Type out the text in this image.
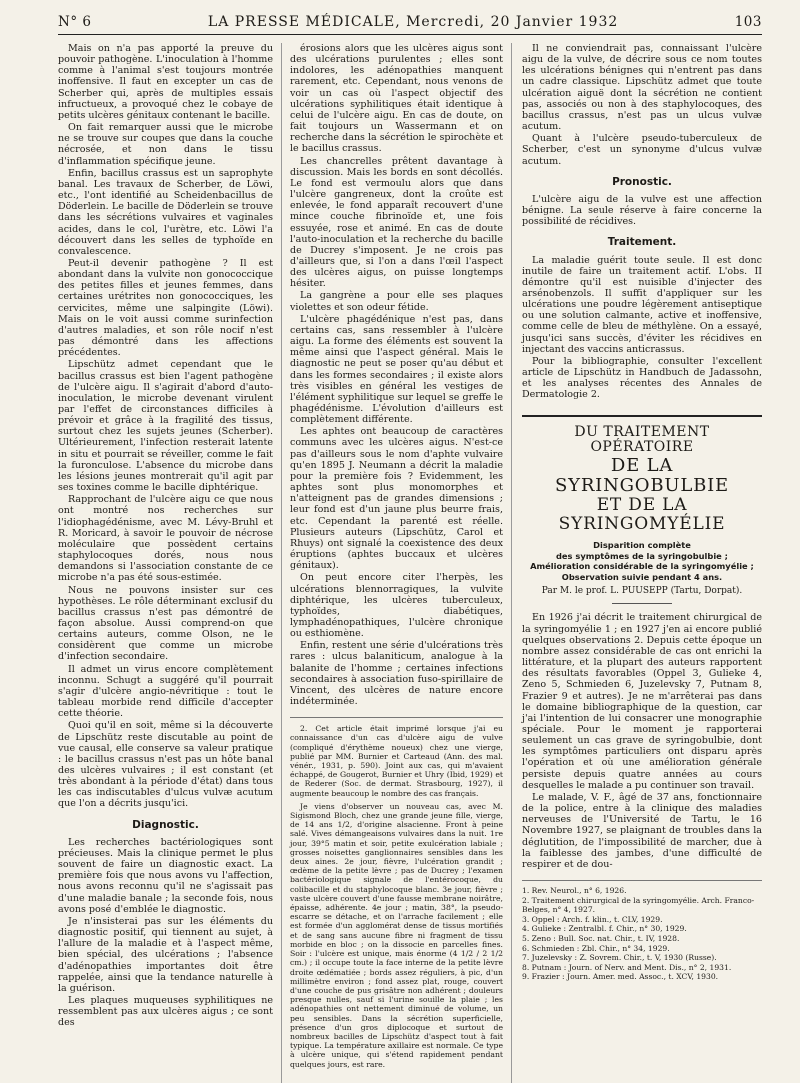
N° 6	LA PRESSE MÉDICALE, Mercredi, 20 Janvier 1932	103

Mais on n'a pas apporté la preuve du pouvoir pathogène. L'inoculation à l'homme comme à l'animal s'est toujours montrée inoffensive. Il faut en excepter un cas de Scherber qui, après de multiples essais infructueux, a provoqué chez le cobaye de petits ulcères génitaux contenant le bacille.

On fait remarquer aussi que le microbe ne se trouve sur coupes que dans la couche nécrosée, et non dans le tissu d'inflammation spécifique jeune.

Enfin, bacillus crassus est un saprophyte banal. Les travaux de Scherber, de Löwi, etc., l'ont identifié au Scheidenbacillus de Döderlein. Le bacille de Döderlein se trouve dans les sécrétions vulvaires et vaginales acides, dans le col, l'urètre, etc. Löwi l'a découvert dans les selles de typhoïde en convalescence.

Peut-il devenir pathogène ? Il est abondant dans la vulvite non gonococcique des petites filles et jeunes femmes, dans certaines urétrites non gonococciques, les cervicites, même une salpingite (Löwi). Mais on le voit aussi comme surinfection d'autres maladies, et son rôle nocif n'est pas démontré dans les affections précédentes.

Lipschütz admet cependant que le bacillus crassus est bien l'agent pathogène de l'ulcère aigu. Il s'agirait d'abord d'auto-inoculation, le microbe devenant virulent par l'effet de circonstances difficiles à prévoir et grâce à la fragilité des tissus, surtout chez les sujets jeunes (Scherber). Ultérieurement, l'infection resterait latente in situ et pourrait se réveiller, comme le fait la furonculose. L'absence du microbe dans les lésions jeunes montrerait qu'il agit par ses toxines comme le bacille diphtérique.

Rapprochant de l'ulcère aigu ce que nous ont montré nos recherches sur l'idiophagédénisme, avec M. Lévy-Bruhl et R. Moricard, à savoir le pouvoir de nécrose moléculaire que possèdent certains staphylocoques dorés, nous nous demandons si l'association constante de ce microbe n'a pas été sous-estimée.

Nous ne pouvons insister sur ces hypothèses. Le rôle déterminant exclusif du bacillus crassus n'est pas démontré de façon absolue. Aussi comprend-on que certains auteurs, comme Olson, ne le considèrent que comme un microbe d'infection secondaire.

Il admet un virus encore complètement inconnu. Schugt a suggéré qu'il pourrait s'agir d'ulcère angio-névritique : tout le tableau morbide rend difficile d'accepter cette théorie.

Quoi qu'il en soit, même si la découverte de Lipschütz reste discutable au point de vue causal, elle conserve sa valeur pratique : le bacillus crassus n'est pas un hôte banal des ulcères vulvaires ; il est constant (et très abondant à la période d'état) dans tous les cas indiscutables d'ulcus vulvæ acutum que l'on a décrits jusqu'ici.

Diagnostic.

Les recherches bactériologiques sont précieuses. Mais la clinique permet le plus souvent de faire un diagnostic exact. La première fois que nous avons vu l'affection, nous avons reconnu qu'il ne s'agissait pas d'une maladie banale ; la seconde fois, nous avons posé d'emblée le diagnostic.

Je n'insisterai pas sur les éléments du diagnostic positif, qui tiennent au sujet, à l'allure de la maladie et à l'aspect même, bien spécial, des ulcérations ; l'absence d'adénopathies importantes doit être rappelée, ainsi que la tendance naturelle à la guérison.

Les plaques muqueuses syphilitiques ne ressemblent pas aux ulcères aigus ; ce sont des

érosions alors que les ulcères aigus sont des ulcérations purulentes ; elles sont indolores, les adénopathies manquent rarement, etc. Cependant, nous venons de voir un cas où l'aspect objectif des ulcérations syphilitiques était identique à celui de l'ulcère aigu. En cas de doute, on fait toujours un Wassermann et on recherche dans la sécrétion le spirochète et le bacillus crassus.

Les chancrelles prêtent davantage à discussion. Mais les bords en sont décollés. Le fond est vermoulu alors que dans l'ulcère gangreneux, dont la croûte est enlevée, le fond apparaît recouvert d'une mince couche fibrinoïde et, une fois essuyée, rose et animé. En cas de doute l'auto-inoculation et la recherche du bacille de Ducrey s'imposent. Je ne crois pas d'ailleurs que, si l'on a dans l'œil l'aspect des ulcères aigus, on puisse longtemps hésiter.

La gangrène a pour elle ses plaques violettes et son odeur fétide.

L'ulcère phagédénique n'est pas, dans certains cas, sans ressembler à l'ulcère aigu. La forme des éléments est souvent la même ainsi que l'aspect général. Mais le diagnostic ne peut se poser qu'au début et dans les formes secondaires ; il existe alors très visibles en général les vestiges de l'élément syphilitique sur lequel se greffe le phagédénisme. L'évolution d'ailleurs est complètement différente.

Les aphtes ont beaucoup de caractères communs avec les ulcères aigus. N'est-ce pas d'ailleurs sous le nom d'aphte vulvaire qu'en 1895 J. Neumann a décrit la maladie pour la première fois ? Evidemment, les aphtes sont plus monomorphes et n'atteignent pas de grandes dimensions ; leur fond est d'un jaune plus beurre frais, etc. Cependant la parenté est réelle. Plusieurs auteurs (Lipschütz, Carol et Rhuys) ont signalé la coexistence des deux éruptions (aphtes buccaux et ulcères génitaux).

On peut encore citer l'herpès, les ulcérations blennorragiques, la vulvite diphtérique, les ulcères tuberculeux, typhoïdes, diabétiques, lymphadénopathiques, l'ulcère chronique ou esthiomène.

Enfin, restent une série d'ulcérations très rares : ulcus balaniticum, analogue à la balanite de l'homme ; certaines infections secondaires à association fuso-spirillaire de Vincent, des ulcères de nature encore indéterminée.

2. Cet article était imprimé lorsque j'ai eu connaissance d'un cas d'ulcère aigu de vulve (compliqué d'érythème noueux) chez une vierge, publié par MM. Burnier et Carteaud (Ann. des mal. vénér., 1931, p. 590). Joint aux cas, qui m'avaient échappé, de Gougerot, Burnier et Uhry (Ibid, 1929) et de Rederer (Soc. de dermat. Strasbourg, 1927), il augmente beaucoup le nombre des cas français.

Je viens d'observer un nouveau cas, avec M. Sigismond Bloch, chez une grande jeune fille, vierge, de 14 ans 1/2, d'origine alsacienne. Front à peine salé. Vives démangeaisons vulvaires dans la nuit. 1re jour, 39°5 matin et soir, petite exulcération labiale ; grosses noisettes ganglionnaires sensibles dans les deux aines. 2e jour, fièvre, l'ulcération grandit ; œdème de la petite lèvre ; pas de Ducrey ; l'examen bactériologique signale de l'entérocoque, du colibacille et du staphylocoque blanc. 3e jour, fièvre ; vaste ulcère couvert d'une fausse membrane noirâtre, épaisse, adhérente. 4e jour ; matin, 38°, la pseudo-escarre se détache, et on l'arrache facilement ; elle est formée d'un agglomérat dense de tissus mortifiés et de sang sans aucune fibre ni fragment de tissu morbide en bloc ; on la dissocie en parcelles fines. Soir : l'ulcère est unique, mais énorme (4 1/2 / 2 1/2 cm.) ; il occupe toute la face interne de la petite lèvre droite œdématiée ; bords assez réguliers, à pic, d'un millimètre environ ; fond assez plat, rouge, couvert d'une couche de pus grisâtre non adhérent ; douleurs presque nulles, sauf si l'urine souille la plaie ; les adénopathies ont nettement diminué de volume, un peu sensibles. Dans la sécrétion superficielle, présence d'un gros diplocoque et surtout de nombreux bacilles de Lipschütz d'aspect tout à fait typique. La température axillaire est normale. Ce type à ulcère unique, qui s'étend rapidement pendant quelques jours, est rare.

Il ne conviendrait pas, connaissant l'ulcère aigu de la vulve, de décrire sous ce nom toutes les ulcérations bénignes qui n'entrent pas dans un cadre classique. Lipschütz admet que toute ulcération aiguë dont la sécrétion ne contient pas, associés ou non à des staphylocoques, des bacillus crassus, n'est pas un ulcus vulvæ acutum.

Quant à l'ulcère pseudo-tuberculeux de Scherber, c'est un synonyme d'ulcus vulvæ acutum.

Pronostic.

L'ulcère aigu de la vulve est une affection bénigne. La seule réserve à faire concerne la possibilité de récidives.

Traitement.

La maladie guérit toute seule. Il est donc inutile de faire un traitement actif. L'obs. II démontre qu'il est nuisible d'injecter des arsénobenzols. Il suffit d'appliquer sur les ulcérations une poudre légèrement antiseptique ou une solution calmante, active et inoffensive, comme celle de bleu de méthylène. On a essayé, jusqu'ici sans succès, d'éviter les récidives en injectant des vaccins anticrassus.

Pour la bibliographie, consulter l'excellent article de Lipschütz in Handbuch de Jadassohn, et les analyses récentes des Annales de Dermatologie 2.

DU TRAITEMENT OPÉRATOIRE
DE LA SYRINGOBULBIE
ET DE LA SYRINGOMYÉLIE
Disparition complète
des symptômes de la syringobulbie ;
Amélioration considérable de la syringomyélie ;
Observation suivie pendant 4 ans.
Par M. le prof. L. PUUSEPP (Tartu, Dorpat).

En 1926 j'ai décrit le traitement chirurgical de la syringomyélie 1 ; en 1927 j'en ai encore publié quelques observations 2. Depuis cette époque un nombre assez considérable de cas ont enrichi la littérature, et la plupart des auteurs rapportent des résultats favorables (Oppel 3, Gulieke 4, Zeno 5, Schmieden 6, Juzelevsky 7, Putnam 8, Frazier 9 et autres). Je ne m'arrêterai pas dans le domaine bibliographique de la question, car j'ai l'intention de lui consacrer une monographie spéciale. Pour le moment je rapporterai seulement un cas grave de syringobulbie, dont les symptômes particuliers ont disparu après l'opération et où une amélioration générale persiste depuis quatre années au cours desquelles le malade a pu continuer son travail.

Le malade, V. F., âgé de 37 ans, fonctionnaire de la police, entre à la clinique des maladies nerveuses de l'Université de Tartu, le 16 Novembre 1927, se plaignant de troubles dans la déglutition, de l'impossibilité de marcher, due à la faiblesse des jambes, d'une difficulté de respirer et de dou-

1. Rev. Neurol., n° 6, 1926.
2. Traitement chirurgical de la syringomyélie. Arch. Franco-Belges, n° 4, 1927.
3. Oppel : Arch. f. klin., t. CLV, 1929.
4. Gulieke : Zentralbl. f. Chir., n° 30, 1929.
5. Zeno : Bull. Soc. nat. Chir., t. IV, 1928.
6. Schmieden : Zbl. Chir., n° 34, 1929.
7. Juzelevsky : Z. Sovrem. Chir., t. V, 1930 (Russe).
8. Putnam : Journ. of Nerv. and Ment. Dis., n° 2, 1931.
9. Frazier : Journ. Amer. med. Assoc., t. XCV, 1930.
